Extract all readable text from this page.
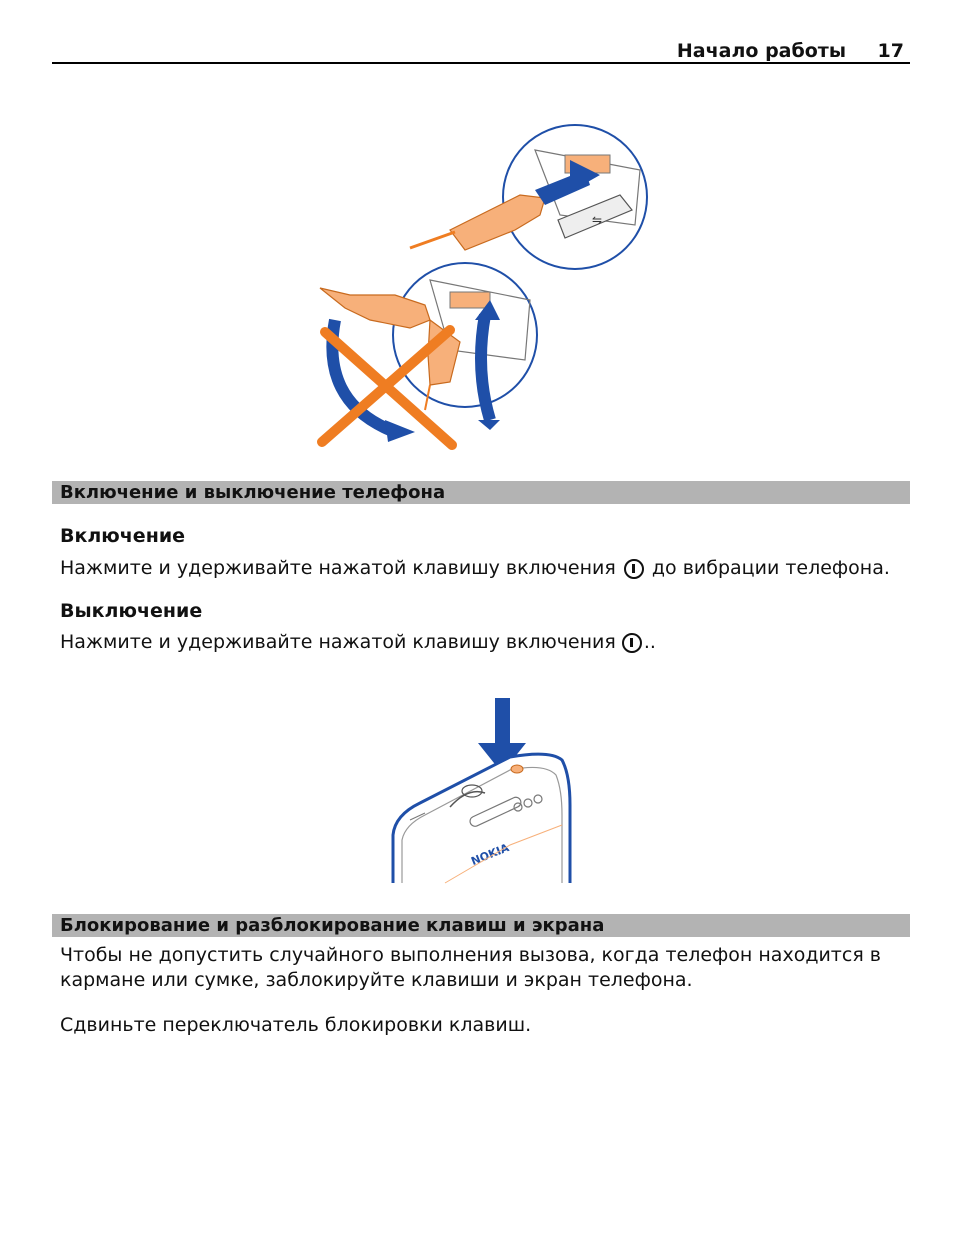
Начало работы 17
⇋
Включение и выключение телефона
Включение
Нажмите и удерживайте нажатой клавишу включения до вибрации телефона.
Выключение
Нажмите и удерживайте нажатой клавишу включения ..
NOKIA
Блокирование и разблокирование клавиш и экрана
Чтобы не допустить случайного выполнения вызова, когда телефон находится в кармане или сумке, заблокируйте клавиши и экран телефона.
Сдвиньте переключатель блокировки клавиш.
